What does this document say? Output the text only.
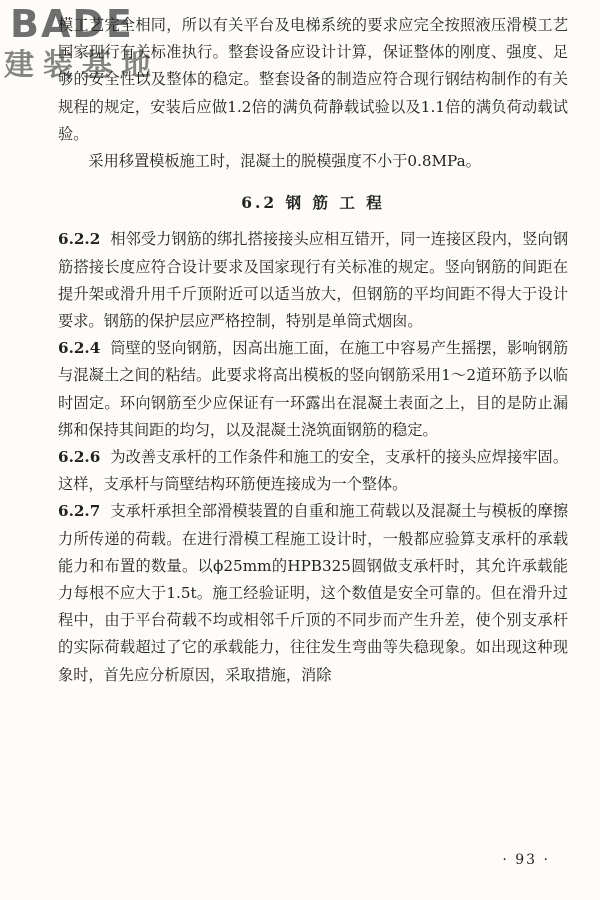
BADE
建装基地

模工艺完全相同，所以有关平台及电梯系统的要求应完全按照液压滑模工艺国家现行有关标准执行。整套设备应设计计算，保证整体的刚度、强度、足够的安全性以及整体的稳定。整套设备的制造应符合现行钢结构制作的有关规程的规定，安装后应做1.2倍的满负荷静载试验以及1.1倍的满负荷动载试验。

采用移置模板施工时，混凝土的脱模强度不小于0.8MPa。

6.2 钢 筋 工 程

6.2.2 相邻受力钢筋的绑扎搭接接头应相互错开，同一连接区段内，竖向钢筋搭接长度应符合设计要求及国家现行有关标准的规定。竖向钢筋的间距在提升架或滑升用千斤顶附近可以适当放大，但钢筋的平均间距不得大于设计要求。钢筋的保护层应严格控制，特别是单筒式烟囱。

6.2.4 筒壁的竖向钢筋，因高出施工面，在施工中容易产生摇摆，影响钢筋与混凝土之间的粘结。此要求将高出模板的竖向钢筋采用1～2道环筋予以临时固定。环向钢筋至少应保证有一环露出在混凝土表面之上，目的是防止漏绑和保持其间距的均匀，以及混凝土浇筑面钢筋的稳定。

6.2.6 为改善支承杆的工作条件和施工的安全，支承杆的接头应焊接牢固。这样，支承杆与筒壁结构环筋便连接成为一个整体。

6.2.7 支承杆承担全部滑模装置的自重和施工荷载以及混凝土与模板的摩擦力所传递的荷载。在进行滑模工程施工设计时，一般都应验算支承杆的承载能力和布置的数量。以ϕ25mm的HPB325圆钢做支承杆时，其允许承载能力每根不应大于1.5t。施工经验证明，这个数值是安全可靠的。但在滑升过程中，由于平台荷载不均或相邻千斤顶的不同步而产生升差，使个别支承杆的实际荷载超过了它的承载能力，往往发生弯曲等失稳现象。如出现这种现象时，首先应分析原因，采取措施，消除

· 93 ·
